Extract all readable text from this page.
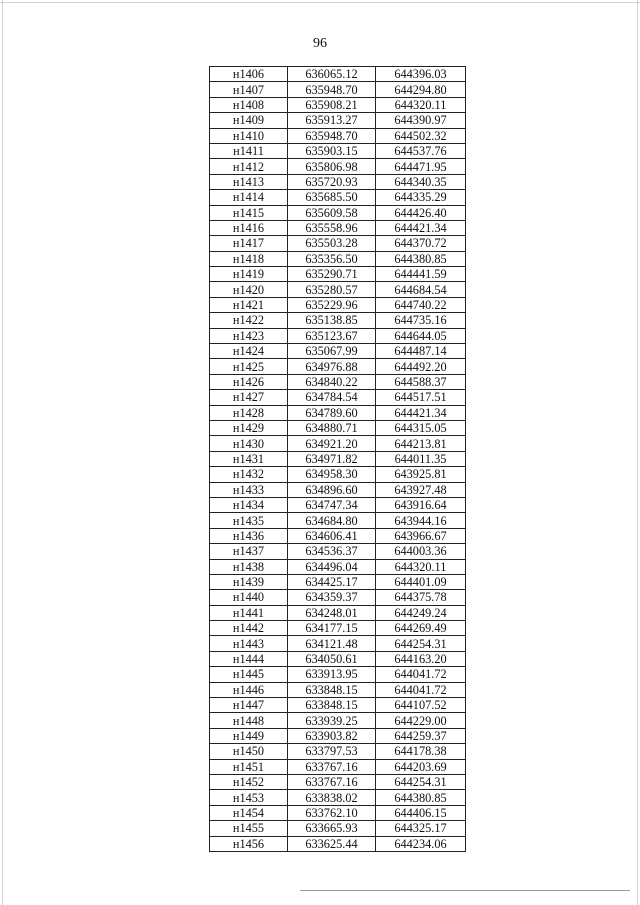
96
н1406	636065.12	644396.03
н1407	635948.70	644294.80
н1408	635908.21	644320.11
н1409	635913.27	644390.97
н1410	635948.70	644502.32
н1411	635903.15	644537.76
н1412	635806.98	644471.95
н1413	635720.93	644340.35
н1414	635685.50	644335.29
н1415	635609.58	644426.40
н1416	635558.96	644421.34
н1417	635503.28	644370.72
н1418	635356.50	644380.85
н1419	635290.71	644441.59
н1420	635280.57	644684.54
н1421	635229.96	644740.22
н1422	635138.85	644735.16
н1423	635123.67	644644.05
н1424	635067.99	644487.14
н1425	634976.88	644492.20
н1426	634840.22	644588.37
н1427	634784.54	644517.51
н1428	634789.60	644421.34
н1429	634880.71	644315.05
н1430	634921.20	644213.81
н1431	634971.82	644011.35
н1432	634958.30	643925.81
н1433	634896.60	643927.48
н1434	634747.34	643916.64
н1435	634684.80	643944.16
н1436	634606.41	643966.67
н1437	634536.37	644003.36
н1438	634496.04	644320.11
н1439	634425.17	644401.09
н1440	634359.37	644375.78
н1441	634248.01	644249.24
н1442	634177.15	644269.49
н1443	634121.48	644254.31
н1444	634050.61	644163.20
н1445	633913.95	644041.72
н1446	633848.15	644041.72
н1447	633848.15	644107.52
н1448	633939.25	644229.00
н1449	633903.82	644259.37
н1450	633797.53	644178.38
н1451	633767.16	644203.69
н1452	633767.16	644254.31
н1453	633838.02	644380.85
н1454	633762.10	644406.15
н1455	633665.93	644325.17
н1456	633625.44	644234.06
